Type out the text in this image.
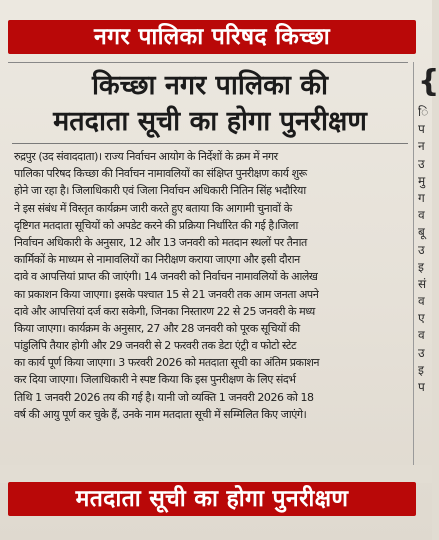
किच्छा नगर पालिका की
मतदाता सूची का होगा पुनरीक्षण
रुद्रपुर (उद संवाददाता)। राज्य निर्वाचन आयोग के निर्देशों के क्रम में नगर
पालिका परिषद किच्छा की निर्वाचन नामावलियों का संक्षिप्त पुनरीक्षण कार्य शुरू
होने जा रहा है। जिलाधिकारी एवं जिला निर्वाचन अधिकारी नितिन सिंह भदौरिया
ने इस संबंध में विस्तृत कार्यक्रम जारी करते हुए बताया कि आगामी चुनावों के
दृष्टिगत मतदाता सूचियों को अपडेट करने की प्रक्रिया निर्धारित की गई है।जिला
निर्वाचन अधिकारी के अनुसार, 12 और 13 जनवरी को मतदान स्थलों पर तैनात
कार्मिकों के माध्यम से नामावलियों का निरीक्षण कराया जाएगा और इसी दौरान
दावे व आपत्तियां प्राप्त की जाएंगी। 14 जनवरी को निर्वाचन नामावलियों के आलेख
का प्रकाशन किया जाएगा। इसके पश्चात 15 से 21 जनवरी तक आम जनता अपने
दावे और आपत्तियां दर्ज करा सकेगी, जिनका निस्तारण 22 से 25 जनवरी के मध्य
किया जाएगा। कार्यक्रम के अनुसार, 27 और 28 जनवरी को पूरक सूचियों की
पांडुलिपि तैयार होगी और 29 जनवरी से 2 फरवरी तक डेटा एंट्री व फोटो स्टेट
का कार्य पूर्ण किया जाएगा। 3 फरवरी 2026 को मतदाता सूची का अंतिम प्रकाशन
कर दिया जाएगा। जिलाधिकारी ने स्पष्ट किया कि इस पुनरीक्षण के लिए संदर्भ
तिथि 1 जनवरी 2026 तय की गई है। यानी जो व्यक्ति 1 जनवरी 2026 को 18
वर्ष की आयु पूर्ण कर चुके हैं, उनके नाम मतदाता सूची में सम्मिलित किए जाएंगे।
{
ि
प
न
उ
मु
ग
व
बू
उ
इ
सं
व
ए
व
उ
इ
प
नगर पालिका परिषद किच्छा
मतदाता सूची का होगा पुनरीक्षण
